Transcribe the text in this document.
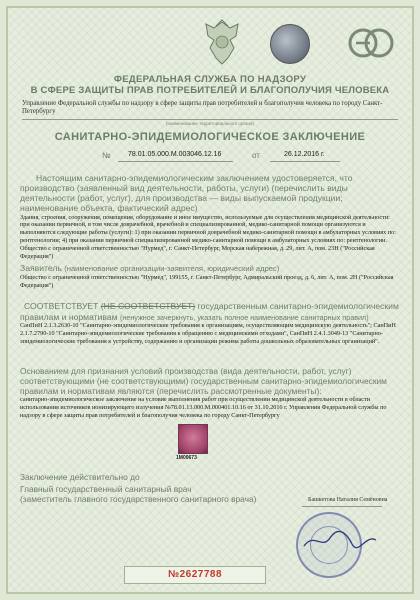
ФЕДЕРАЛЬНАЯ СЛУЖБА ПО НАДЗОРУ
В СФЕРЕ ЗАЩИТЫ ПРАВ ПОТРЕБИТЕЛЕЙ И БЛАГОПОЛУЧИЯ ЧЕЛОВЕКА
Управление Федеральной службы по надзору в сфере защиты прав потребителей и благополучия человека по городу Санкт-Петербургу
(наименование территориального органа)
САНИТАРНО-ЭПИДЕМИОЛОГИЧЕСКОЕ ЗАКЛЮЧЕНИЕ
№ 78.01.05.000.М.003046.12.16	от	26.12.2016 г.
Настоящим санитарно-эпидемиологическим заключением удостоверяется, что производство (заявленный вид деятельности, работы, услуги) (перечислить виды деятельности (работ, услуг), для производства — виды выпускаемой продукции; наименование объекта, фактический адрес)
Здания, строения, сооружения, помещения, оборудование и иное имущество, используемые для осуществления медицинской деятельности: при оказании первичной, в том числе доврачебной, врачебной и специализированной, медико-санитарной помощи организуются и выполняются следующие работы (услуги): 1) при оказании первичной доврачебной медико-санитарной помощи в амбулаторных условиях по: рентгенологии; 4) при оказании первичной специализированной медико-санитарной помощи в амбулаторных условиях по: рентгенологии.
Общество с ограниченной ответственностью "Нурмед", г. Санкт-Петербург, Морская набережная, д. 29, лит. А, пом. 23Н ("Российская Федерация")
Заявитель (наименование организации-заявителя, юридический адрес)
Общество с ограниченной ответственностью "Нурмед", 199155, г. Санкт-Петербург, Адмиральский проезд, д. 6, лит. А, пом. 2Н ("Российская Федерация")
СООТВЕТСТВУЕТ (НЕ СООТВЕТСТВУЕТ) государственным санитарно-эпидемиологическим правилам и нормативам (ненужное зачеркнуть, указать полное наименование санитарных правил)
СанПиН 2.1.3.2630-10 "Санитарно-эпидемиологические требования к организациям, осуществляющим медицинскую деятельность"; СанПиН 2.1.7.2790-10 "Санитарно-эпидемиологические требования к обращению с медицинскими отходами", СанПиН 2.4.1.3049-13 "Санитарно-эпидемиологические требования к устройству, содержанию и организации режима работы дошкольных образовательных организаций".
Основанием для признания условий производства (вида деятельности, работ, услуг) соответствующими (не соответствующими) государственным санитарно-эпидемиологическим правилам и нормативам являются (перечислить рассмотренные документы):
санитарно-эпидемиологическое заключение на условие выполнения работ при осуществлении медицинской деятельности в области использования источников ионизирующего излучения №78.01.13.000.М.000401.10.16 от 31.10.2016 г. Управления Федеральной службы по надзору в сфере защиты прав потребителей и благополучия человека по городу Санкт-Петербургу
1М00673
Заключение действительно до
Главный государственный санитарный врач
(заместитель главного государственного санитарного врача)	Башкетова Наталия Семёновна
№2627788
